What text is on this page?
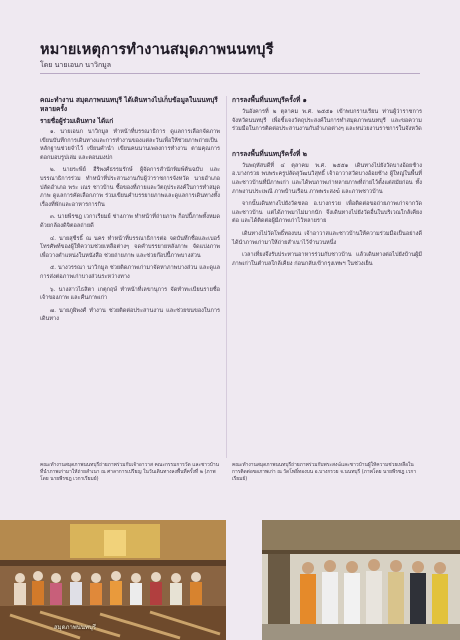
หมายเหตุการทำงานสมุดภาพนนทบุรี
โดย นายเอนก นาวิกมูล
คณะทำงาน สมุดภาพนนทบุรี ได้เดินทางไปเก็บข้อมูลในนนทบุรีหลายครั้ง
รายชื่อผู้ร่วมเดินทาง ได้แก่

๑. นายเอนก นาวิกมูล ทำหน้าที่บรรณาธิการ ดูแลการเลือกจัดภาพ เขียนบันทึกการเดินทางและการทำงานของแต่ละวันเพื่อให้ช่วยภาพถ่ายเป็นหลักฐานช่วยจำไว้ เขียนคำนำ เขียนคนนานเพลงการทำงาน ตามคุณการตอกมอบรูปเล่ม และตอนมงปก

๒. นายระพีย์ ฮีริพงศ์ธรรมรักษ์ ผู้จัดการสำนักพิมพ์ต้นฉบับ และบรรณาธิการร่วม ทำหน้าที่ประสานงานกับผู้ว่าราชการจังหวัด นายอำเภอ ปลัดอำเภอ พระ เณร ชาวบ้าน ซื้อของที่ภายและวัตถุประสงค์ในการทำสมุดภาพ ดูแลการคัดเลือกภาพ ร่วมเขียนคำบรรยายภาพและดูแลการเดินทางทั้งเรื่องที่พักและอาหารการกิน

๓. นายพีรชฎ เวกาเรียมย์ ช่างภาพ ทำหน้าที่ถ่ายภาพ ก็อปปี้ภาพทั้งหมดด้วยกล้องดิจิตอลถ่ายดี

๔. นายสุชีรธิ์ ณ นคร ทำหน้าที่บรรณาธิการต่อ จดบันทึกชื่อและเบอร์โทรศัพท์ของผู้ให้ความช่วยเหลือต่างๆ จดคำบรรยายหลังภาพ จัดแบ่งภาพเพื่อวางตำแหน่งในหนังสือ ช่วยถ่ายภาพ และช่วยก๊อปปี้ภาพบางส่วน

๕. นางวรรณา นาวิกมูล ช่วยติดภาพเก่ามาจัดหาภาพบางส่วน และดูแลการส่งต่อภาพเก่าบางส่วนระหว่างทาง

๖. นางสาวไธสิตา เกตุกฤษ์ ทำหน้าที่เลขานุการ จัดทำทะเบียนรายชื่อเจ้าของภาพ และคืนภาพเก่า

๗. นายภูผิพงศ์ ทำงาน ช่วยติดต่อประสานงาน และช่วยขนของในการเดินทาง

การลงพื้นที่นนทบุรีครั้งที่ ๑

วันอังคารที่ ๒ ตุลาคม พ.ศ. ๒๕๕๑ เข้าพบกราบเรียน ท่านผู้ว่าราชการจังหวัดนนทบุรี เพื่อชี้แจงวัตถุประสงค์ในการทำสมุดภาพนนทบุรี และขอความร่วมมือในการติดต่อประสานงานกับอำเภอต่างๆ และหน่วยงานราชการในจังหวัด

การลงพื้นที่นนทบุรีครั้งที่ ๒

วันพฤหัสบดีที่ ๔ ตุลาคม พ.ศ. ๒๕๕๑ เดินทางไปยังวัดบางอ้อยช้าง อ.บางกรวย พบพระครูปลัดสุวัฒนวิสุทธิ์ เจ้าอาวาสวัดบางอ้อยช้าง ผู้ใหญ่ในพื้นที่ และชาวบ้านที่มีภาพเก่า และได้พบภาพเก่าหลายภาพที่ถ่ายไว้ตั้งแต่สมัยก่อน ทั้งภาพงานประเพณี ภาพบ้านเรือน ภาพพระสงฆ์ และภาพชาวบ้าน

จากนั้นเดินทางไปยังวัดชลอ อ.บางกรวย เพื่อติดต่อขอถ่ายภาพเก่าจากวัดและชาวบ้าน แต่ได้ภาพมาไม่มากนัก จึงเดินทางไปยังวัดอื่นในบริเวณใกล้เคียงต่อ และได้ติดต่อผู้มีภาพเก่าไว้หลายราย

เดินทางไปวัดโพธิ์ทองบน เจ้าอาวาสและชาวบ้านให้ความร่วมมือเป็นอย่างดี ได้นำภาพเก่ามาให้ถ่ายสำเนาไว้จำนวนหนึ่ง

เวลาเที่ยงจึงรับประทานอาหารร่วมกับชาวบ้าน แล้วเดินทางต่อไปยังบ้านผู้มีภาพเก่าในตำบลใกล้เคียง ก่อนกลับเข้ากรุงเทพฯ ในช่วงเย็น

คณะทำงานสมุดภาพนนทบุรีถ่ายภาพร่วมกับเจ้าอาวาส คณะกรรมการวัด และชาวบ้านที่นำภาพเก่ามาให้ถ่ายสำเนา ณ ศาลาการเปรียญ ในวันเดินทางลงพื้นที่ครั้งที่ ๒ (ภาพโดย นายพีรชฎ เวกาเรียมย์)

คณะทำงานสมุดภาพนนทบุรีถ่ายภาพร่วมกับพระสงฆ์และชาวบ้านผู้ให้ความช่วยเหลือในการติดต่อขอภาพเก่า ณ วัดโพธิ์ทองบน อ.บางกรวย จ.นนทบุรี (ภาพโดย นายพีรชฎ เวกาเรียมย์)

สมุดภาพนนทบุรี
